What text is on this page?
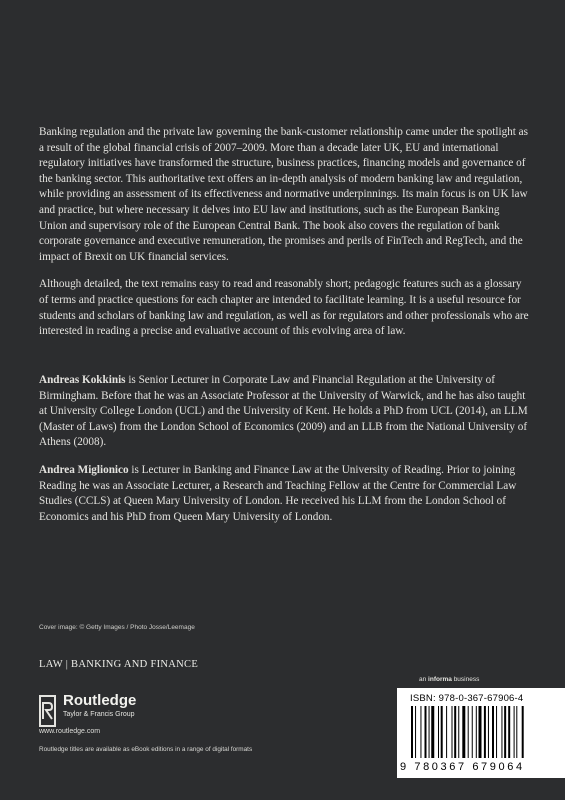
Banking regulation and the private law governing the bank-customer relationship came under the spotlight as a result of the global financial crisis of 2007–2009. More than a decade later UK, EU and international regulatory initiatives have transformed the structure, business practices, financing models and governance of the banking sector. This authoritative text offers an in-depth analysis of modern banking law and regulation, while providing an assessment of its effectiveness and normative underpinnings. Its main focus is on UK law and practice, but where necessary it delves into EU law and institutions, such as the European Banking Union and supervisory role of the European Central Bank. The book also covers the regulation of bank corporate governance and executive remuneration, the promises and perils of FinTech and RegTech, and the impact of Brexit on UK financial services.

Although detailed, the text remains easy to read and reasonably short; pedagogic features such as a glossary of terms and practice questions for each chapter are intended to facilitate learning. It is a useful resource for students and scholars of banking law and regulation, as well as for regulators and other professionals who are interested in reading a precise and evaluative account of this evolving area of law.

Andreas Kokkinis is Senior Lecturer in Corporate Law and Financial Regulation at the University of Birmingham. Before that he was an Associate Professor at the University of Warwick, and he has also taught at University College London (UCL) and the University of Kent. He holds a PhD from UCL (2014), an LLM (Master of Laws) from the London School of Economics (2009) and an LLB from the National University of Athens (2008).

Andrea Miglionico is Lecturer in Banking and Finance Law at the University of Reading. Prior to joining Reading he was an Associate Lecturer, a Research and Teaching Fellow at the Centre for Commercial Law Studies (CCLS) at Queen Mary University of London. He received his LLM from the London School of Economics and his PhD from Queen Mary University of London.

Cover image: © Getty Images / Photo Josse/Leemage
LAW | BANKING AND FINANCE
Routledge
Taylor & Francis Group
www.routledge.com
Routledge titles are available as eBook editions in a range of digital formats
an informa business
ISBN: 978-0-367-67906-4
9 780367 679064
